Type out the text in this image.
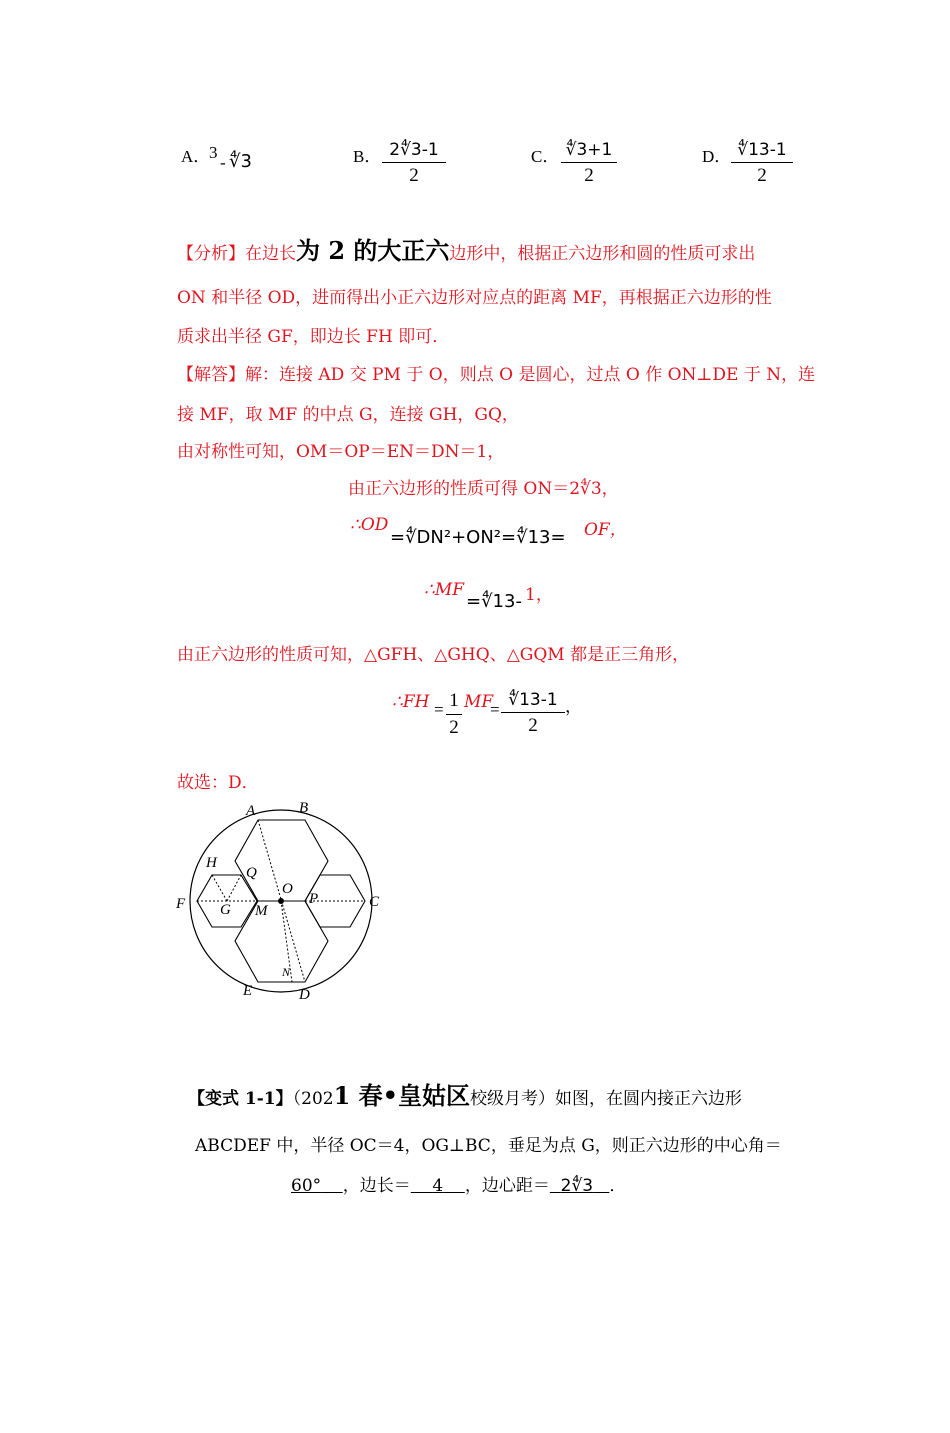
A．
3
- ∜3	B． 2∜3-1
2
C． ∜3+1
2
D． ∜13-1
2
【分析】在边长为 2 的大正六边形中，根据正六边形和圆的性质可求出
ON 和半径 OD，进而得出小正六边形对应点的距离 MF，再根据正六边形的性
质求出半径 GF，即边长 FH 即可．
【解答】解：连接 AD 交 PM 于 O，则点 O 是圆心，过点 O 作 ON⊥DE 于 N，连
接 MF，取 MF 的中点 G，连接 GH，GQ，
由对称性可知，OM＝OP＝EN＝DN＝1，
由正六边形的性质可得 ON＝2∜3，
∴OD
=∜DN²+ON²=∜13= OF，
∴MF
=∜13- 1，
由正六边形的性质可知，△GFH、△GHQ、△GQM 都是正三角形，
∴FH = 1
2
MF
= ∜13-1
2
，
故选：D．
A	B
C
D
E
F G
H
M
N
O
P
Q
【变式 1-1】（2021 春•皇姑区校级月考）如图，在圆内接正六边形
ABCDEF 中，半径 OC＝4，OG⊥BC，垂足为点 G，则正六边形的中心角＝
60° ，边长＝ 4 ，边心距＝ 2∜3 ．
